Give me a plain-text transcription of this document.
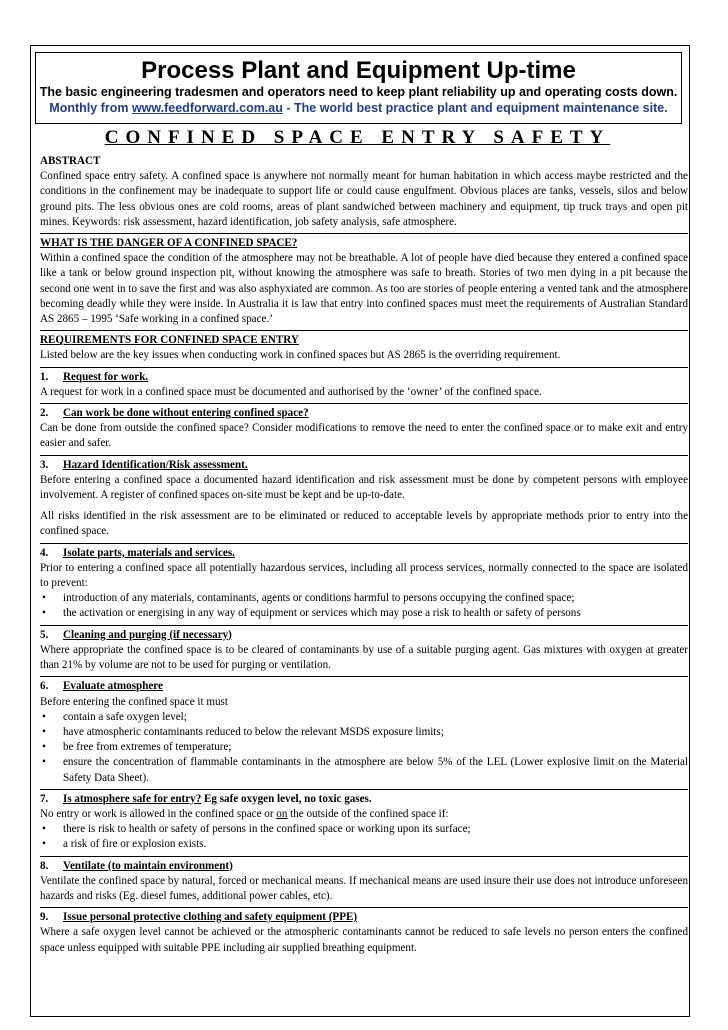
Process Plant and Equipment Up-time
The basic engineering tradesmen and operators need to keep plant reliability up and operating costs down.
Monthly from www.feedforward.com.au - The world best practice plant and equipment maintenance site.
CONFINED SPACE ENTRY SAFETY

ABSTRACT

Confined space entry safety. A confined space is anywhere not normally meant for human habitation in which access maybe restricted and the conditions in the confinement may be inadequate to support life or could cause engulfment. Obvious places are tanks, vessels, silos and below ground pits. The less obvious ones are cold rooms, areas of plant sandwiched between machinery and equipment, tip truck trays and open pit mines. Keywords: risk assessment, hazard identification, job safety analysis, safe atmosphere.

WHAT IS THE DANGER OF A CONFINED SPACE?

Within a confined space the condition of the atmosphere may not be breathable. A lot of people have died because they entered a confined space like a tank or below ground inspection pit, without knowing the atmosphere was safe to breath. Stories of two men dying in a pit because the second one went in to save the first and was also asphyxiated are common. As too are stories of people entering a vented tank and the atmosphere becoming deadly while they were inside. In Australia it is law that entry into confined spaces must meet the requirements of Australian Standard AS 2865 – 1995 ‘Safe working in a confined space.’

REQUIREMENTS FOR CONFINED SPACE ENTRY

Listed below are the key issues when conducting work in confined spaces but AS 2865 is the overriding requirement.

1. Request for work.

A request for work in a confined space must be documented and authorised by the ‘owner’ of the confined space.

2. Can work be done without entering confined space?

Can be done from outside the confined space? Consider modifications to remove the need to enter the confined space or to make exit and entry easier and safer.

3. Hazard Identification/Risk assessment.

Before entering a confined space a documented hazard identification and risk assessment must be done by competent persons with employee involvement. A register of confined spaces on-site must be kept and be up-to-date.

All risks identified in the risk assessment are to be eliminated or reduced to acceptable levels by appropriate methods prior to entry into the confined space.

4. Isolate parts, materials and services.

Prior to entering a confined space all potentially hazardous services, including all process services, normally connected to the space are isolated to prevent:

• introduction of any materials, contaminants, agents or conditions harmful to persons occupying the confined space;
• the activation or energising in any way of equipment or services which may pose a risk to health or safety of persons

5. Cleaning and purging (if necessary)

Where appropriate the confined space is to be cleared of contaminants by use of a suitable purging agent. Gas mixtures with oxygen at greater than 21% by volume are not to be used for purging or ventilation.

6. Evaluate atmosphere

Before entering the confined space it must

• contain a safe oxygen level;
• have atmospheric contaminants reduced to below the relevant MSDS exposure limits;
• be free from extremes of temperature;
• ensure the concentration of flammable contaminants in the atmosphere are below 5% of the LEL (Lower explosive limit on the Material Safety Data Sheet).

7. Is atmosphere safe for entry? Eg safe oxygen level, no toxic gases.

No entry or work is allowed in the confined space or on the outside of the confined space if:

• there is risk to health or safety of persons in the confined space or working upon its surface;
• a risk of fire or explosion exists.

8. Ventilate (to maintain environment)

Ventilate the confined space by natural, forced or mechanical means. If mechanical means are used insure their use does not introduce unforeseen hazards and risks (Eg. diesel fumes, additional power cables, etc).

9. Issue personal protective clothing and safety equipment (PPE)

Where a safe oxygen level cannot be achieved or the atmospheric contaminants cannot be reduced to safe levels no person enters the confined space unless equipped with suitable PPE including air supplied breathing equipment.
